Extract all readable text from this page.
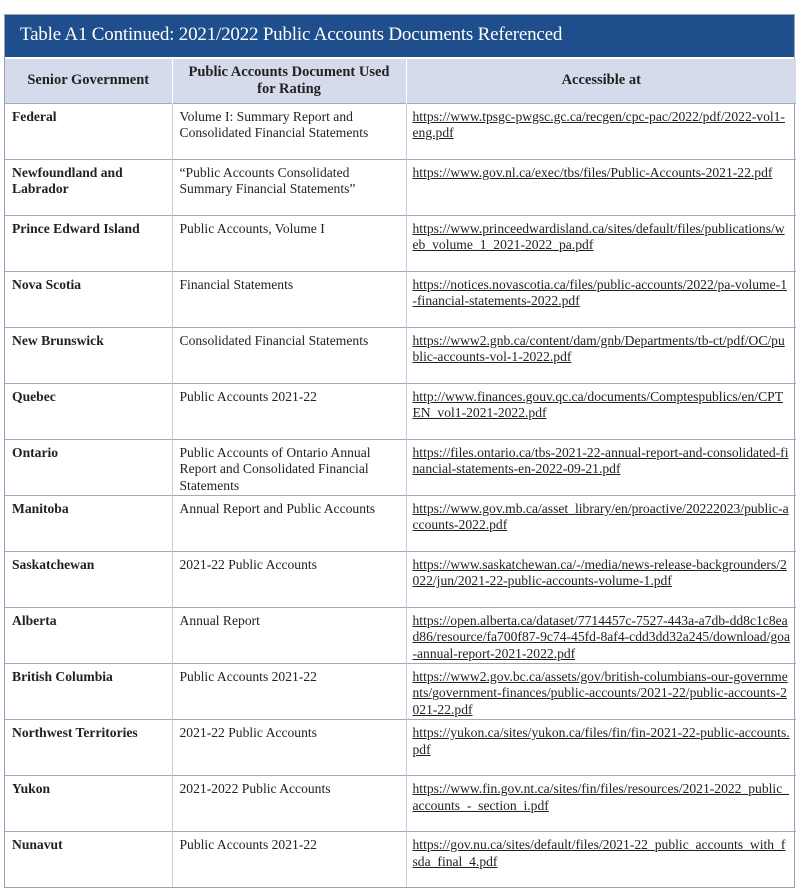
Table A1 Continued: 2021/2022 Public Accounts Documents Referenced
Senior Government	Public Accounts Document Used for Rating	Accessible at
Federal	Volume I: Summary Report and Consolidated Financial Statements	https://www.tpsgc-pwgsc.gc.ca/recgen/cpc-pac/2022/pdf/2022-vol1-eng.pdf
Newfoundland and Labrador	“Public Accounts Consolidated Summary Financial Statements”	https://www.gov.nl.ca/exec/tbs/files/Public-Accounts-2021-22.pdf
Prince Edward Island	Public Accounts, Volume I	https://www.princeedwardisland.ca/sites/default/files/publications/web_volume_1_2021-2022_pa.pdf
Nova Scotia	Financial Statements	https://notices.novascotia.ca/files/public-accounts/2022/pa-volume-1-financial-statements-2022.pdf
New Brunswick	Consolidated Financial Statements	https://www2.gnb.ca/content/dam/gnb/Departments/tb-ct/pdf/OC/public-accounts-vol-1-2022.pdf
Quebec	Public Accounts 2021-22	http://www.finances.gouv.qc.ca/documents/Comptespublics/en/CPTEN_vol1-2021-2022.pdf
Ontario	Public Accounts of Ontario Annual Report and Consolidated Financial Statements	https://files.ontario.ca/tbs-2021-22-annual-report-and-consolidated-financial-statements-en-2022-09-21.pdf
Manitoba	Annual Report and Public Accounts	https://www.gov.mb.ca/asset_library/en/proactive/20222023/public-accounts-2022.pdf
Saskatchewan	2021-22 Public Accounts	https://www.saskatchewan.ca/-/media/news-release-backgrounders/2022/jun/2021-22-public-accounts-volume-1.pdf
Alberta	Annual Report	https://open.alberta.ca/dataset/7714457c-7527-443a-a7db-dd8c1c8ead86/resource/fa700f87-9c74-45fd-8af4-cdd3dd32a245/download/goa-annual-report-2021-2022.pdf
British Columbia	Public Accounts 2021-22	https://www2.gov.bc.ca/assets/gov/british-columbians-our-governments/government-finances/public-accounts/2021-22/public-accounts-2021-22.pdf
Northwest Territories	2021-22 Public Accounts	https://yukon.ca/sites/yukon.ca/files/fin/fin-2021-22-public-accounts.pdf
Yukon	2021-2022 Public Accounts	https://www.fin.gov.nt.ca/sites/fin/files/resources/2021-2022_public_accounts_-_section_i.pdf
Nunavut	Public Accounts 2021-22	https://gov.nu.ca/sites/default/files/2021-22_public_accounts_with_fsda_final_4.pdf
